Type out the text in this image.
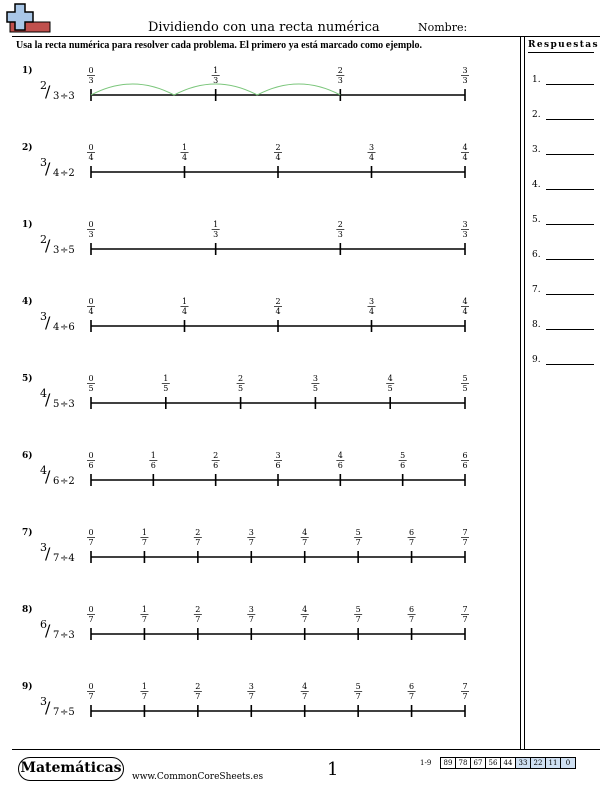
Dividiendo con una recta numérica	Nombre:
Usa la recta numérica para resolver cada problema. El primero ya está marcado como ejemplo.	Respuestas
1.
2.
3.
4.
5.
6.
7.
8.
9.
1)
2
/ 3 ÷3
0
3
1
3
2
3
3
3
2)
3
/ 4 ÷2
0
4
1
4
2
4
3
4
4
4
1)
2
/ 3 ÷5
0
3
1
3
2
3
3
3
4)
3
/ 4 ÷6
0
4
1
4
2
4
3
4
4
4
5)
4
/ 5 ÷3
0
5
1
5
2
5
3
5
4
5
5
5
6)
4
/ 6 ÷2
0
6
1
6
2
6
3
6
4
6
5
6
6
6
7)
3
/ 7 ÷4
0
7
1
7
2
7
3
7
4
7
5
7
6
7
7
7
8)
6
/ 7 ÷3
0
7
1
7
2
7
3
7
4
7
5
7
6
7
7
7
9)
3
/ 7 ÷5
0
7
1
7
2
7
3
7
4
7
5
7
6
7
7
7
Matemáticas
www.CommonCoreSheets.es	1	1-9 89	78	67	56	44	33	22	11	0
